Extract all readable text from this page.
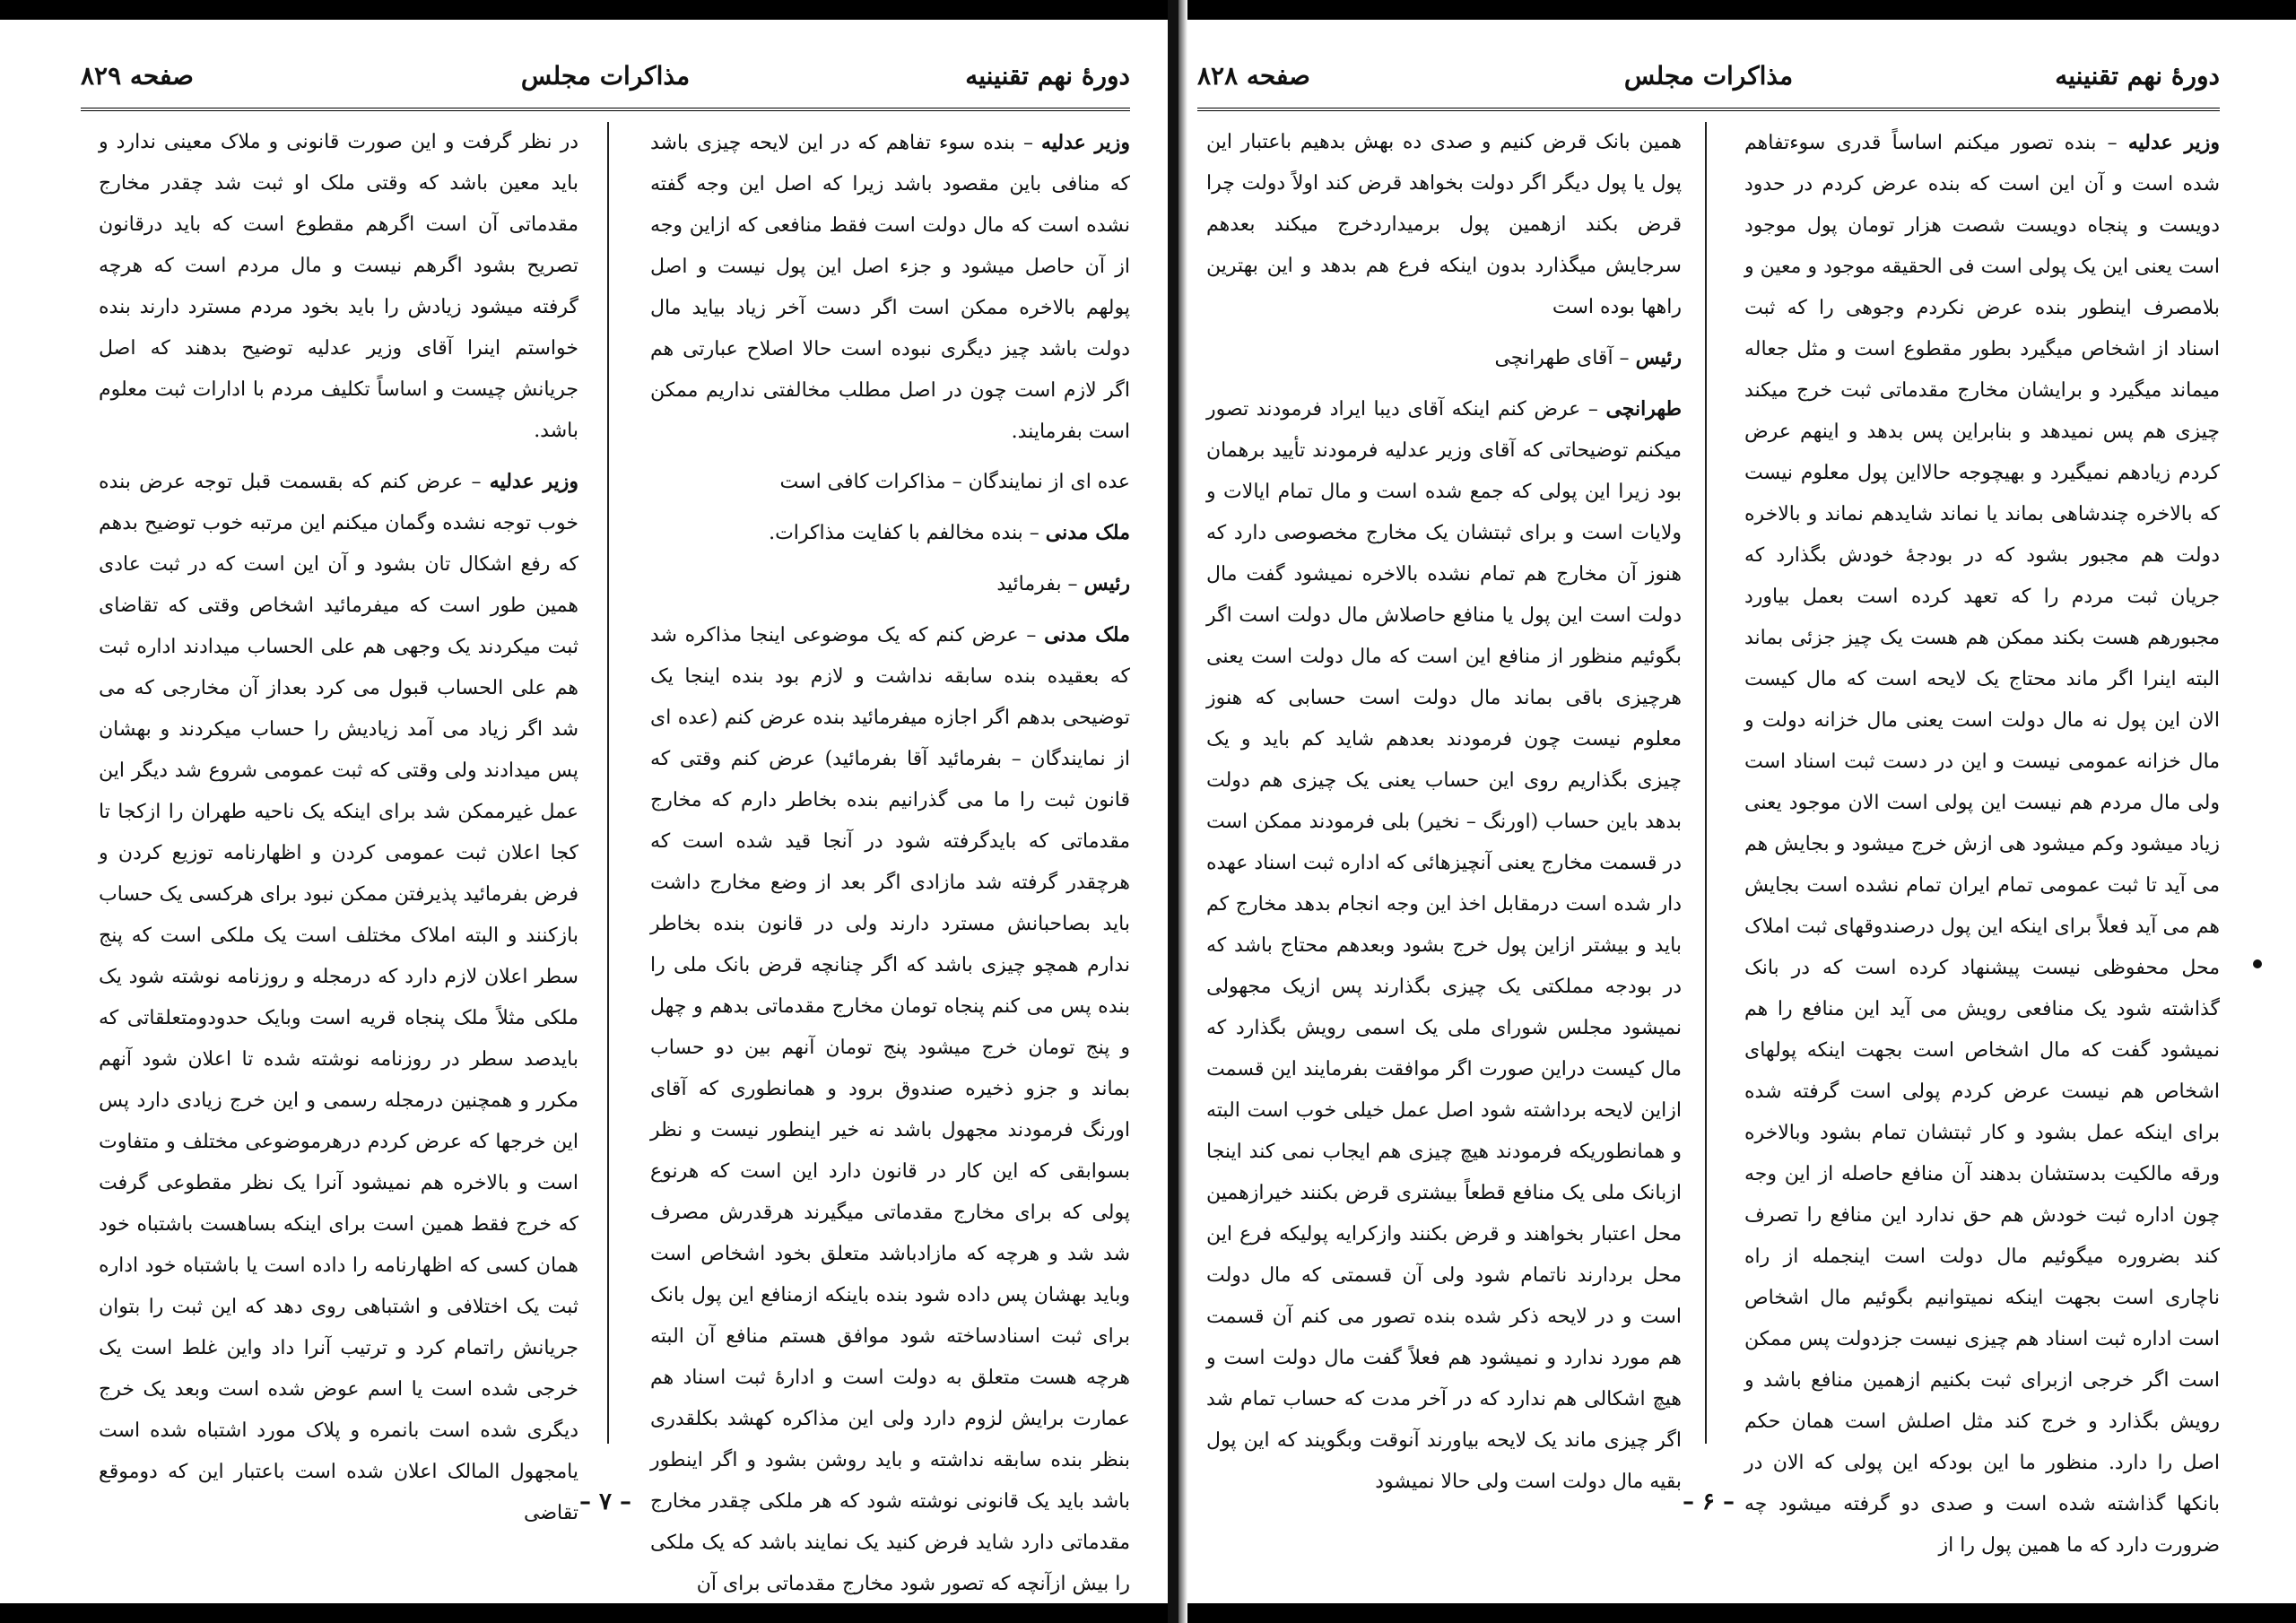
دورهٔ نهم تقنینیه
مذاکرات مجلس
صفحه ۸۲۹

وزیر عدلیه – بنده سوء تفاهم که در این لایحه چیزی باشد که منافی باین مقصود باشد زیرا که اصل این وجه گفته نشده است که مال دولت است فقط منافعی که ازاین وجه از آن حاصل میشود و جزء اصل این پول نیست و اصل پولهم بالاخره ممکن است اگر دست آخر زیاد بیاید مال دولت باشد چیز دیگری نبوده است حالا اصلاح عبارتی هم اگر لازم است چون در اصل مطلب مخالفتی نداریم ممکن است بفرمایند.

عده ای از نمایندگان – مذاکرات کافی است

ملک مدنی – بنده مخالفم با کفایت مذاکرات.

رئیس – بفرمائید

ملک مدنی – عرض کنم که یک موضوعی اینجا مذاکره شد که بعقیده بنده سابقه نداشت و لازم بود بنده اینجا یک توضیحی بدهم اگر اجازه میفرمائید بنده عرض کنم (عده ای از نمایندگان – بفرمائید آقا بفرمائید) عرض کنم وقتی که قانون ثبت را ما می گذرانیم بنده بخاطر دارم که مخارج مقدماتی که بایدگرفته شود در آنجا قید شده است که هرچقدر گرفته شد مازادی اگر بعد از وضع مخارج داشت باید بصاحبانش مسترد دارند ولی در قانون بنده بخاطر ندارم همچو چیزی باشد که اگر چنانچه قرض بانک ملی را بنده پس می کنم پنجاه تومان مخارج مقدماتی بدهم و چهل و پنج تومان خرج میشود پنج تومان آنهم بین دو حساب بماند و جزو ذخیره صندوق برود و همانطوری که آقای اورنگ فرمودند مجهول باشد نه خیر اینطور نیست و نظر بسوابقی که این کار در قانون دارد این است که هرنوع پولی که برای مخارج مقدماتی میگیرند هرقدرش مصرف شد شد و هرچه که مازادباشد متعلق بخود اشخاص است وباید بهشان پس داده شود بنده باینکه ازمنافع این پول بانک برای ثبت اسنادساخته شود موافق هستم منافع آن البته هرچه هست متعلق به دولت است و ادارهٔ ثبت اسناد هم عمارت برایش لزوم دارد ولی این مذاکره کهشد بکلقدری بنظر بنده سابقه نداشته و باید روشن بشود و اگر اینطور باشد باید یک قانونی نوشته شود که هر ملکی چقدر مخارج مقدماتی دارد شاید فرض کنید یک نمایند باشد که یک ملکی را بیش ازآنچه که تصور شود مخارج مقدماتی برای آن

در نظر گرفت و این صورت قانونی و ملاک معینی ندارد و باید معین باشد که وقتی ملک او ثبت شد چقدر مخارج مقدماتی آن است اگرهم مقطوع است که باید درقانون تصریح بشود اگرهم نیست و مال مردم است که هرچه گرفته میشود زیادش را باید بخود مردم مسترد دارند بنده خواستم اینرا آقای وزیر عدلیه توضیح بدهند که اصل جریانش چیست و اساساً تکلیف مردم با ادارات ثبت معلوم باشد.

وزیر عدلیه – عرض کنم که بقسمت قبل توجه عرض بنده خوب توجه نشده وگمان میکنم این مرتبه خوب توضیح بدهم که رفع اشکال تان بشود و آن این است که در ثبت عادی همین طور است که میفرمائید اشخاص وقتی که تقاضای ثبت میکردند یک وجهی هم علی الحساب میدادند اداره ثبت هم علی الحساب قبول می کرد بعداز آن مخارجی که می شد اگر زیاد می آمد زیادیش را حساب میکردند و بهشان پس میدادند ولی وقتی که ثبت عمومی شروع شد دیگر این عمل غیرممکن شد برای اینکه یک ناحیه طهران را ازکجا تا کجا اعلان ثبت عمومی کردن و اظهارنامه توزیع کردن و فرض بفرمائید پذیرفتن ممکن نبود برای هرکسی یک حساب بازکنند و البته املاک مختلف است یک ملکی است که پنج سطر اعلان لازم دارد که درمجله و روزنامه نوشته شود یک ملکی مثلاً ملک پنجاه قریه است وبایک حدودومتعلقاتی که بایدصد سطر در روزنامه نوشته شده تا اعلان شود آنهم مکرر و همچنین درمجله رسمی و این خرج زیادی دارد پس این خرجها که عرض کردم درهرموضوعی مختلف و متفاوت است و بالاخره هم نمیشود آنرا یک نظر مقطوعی گرفت که خرج فقط همین است برای اینکه بساهست باشتباه خود همان کسی که اظهارنامه را داده است یا باشتباه خود اداره ثبت یک اختلافی و اشتباهی روی دهد که این ثبت را بتوان جریانش راتمام کرد و ترتیب آنرا داد واین غلط است یک خرجی شده است یا اسم عوض شده است وبعد یک خرج دیگری شده است بانمره و پلاک مورد اشتباه شده است یامجهول المالک اعلان شده است باعتبار این که دوموقع تقاضی – ۷ –
دورهٔ نهم تقنینیه
مذاکرات مجلس
صفحه ۸۲۸

وزیر عدلیه – بنده تصور میکنم اساساً قدری سوءتفاهم شده است و آن این است که بنده عرض کردم در حدود دویست و پنجاه دویست شصت هزار تومان پول موجود است یعنی این یک پولی است فی الحقیقه موجود و معین و بلامصرف اینطور بنده عرض نکردم وجوهی را که ثبت اسناد از اشخاص میگیرد بطور مقطوع است و مثل جعاله میماند میگیرد و برایشان مخارج مقدماتی ثبت خرج میکند چیزی هم پس نمیدهد و بنابراین پس بدهد و اینهم عرض کردم زیادهم نمیگیرد و بهیچوجه حالااین پول معلوم نیست که بالاخره چندشاهی بماند یا نماند شایدهم نماند و بالاخره دولت هم مجبور بشود که در بودجهٔ خودش بگذارد که جریان ثبت مردم را که تعهد کرده است بعمل بیاورد مجبورهم هست بکند ممکن هم هست یک چیز جزئی بماند البته اینرا اگر ماند محتاج یک لایحه است که مال کیست الان این پول نه مال دولت است یعنی مال خزانه دولت و مال خزانه عمومی نیست و این در دست ثبت اسناد است ولی مال مردم هم نیست این پولی است الان موجود یعنی زیاد میشود وکم میشود هی ازش خرج میشود و بجایش هم می آید تا ثبت عمومی تمام ایران تمام نشده است بجایش هم می آید فعلاً برای اینکه این پول درصندوقهای ثبت املاک محل محفوظی نیست پیشنهاد کرده است که در بانک گذاشته شود یک منافعی رویش می آید این منافع را هم نمیشود گفت که مال اشخاص است بجهت اینکه پولهای اشخاص هم نیست عرض کردم پولی است گرفته شده برای اینکه عمل بشود و کار ثبتشان تمام بشود وبالاخره ورقه مالکیت بدستشان بدهند آن منافع حاصله از این وجه چون اداره ثبت خودش هم حق ندارد این منافع را تصرف کند بضروره میگوئیم مال دولت است اینجمله از راه ناچاری است بجهت اینکه نمیتوانیم بگوئیم مال اشخاص است اداره ثبت اسناد هم چیزی نیست جزدولت پس ممکن است اگر خرجی ازبرای ثبت بکنیم ازهمین منافع باشد و رویش بگذارد و خرج کند مثل اصلش است همان حکم اصل را دارد. منظور ما این بودکه این پولی که الان در بانکها گذاشته شده است و صدی دو گرفته میشود چه ضرورت دارد که ما همین پول را از

همین بانک قرض کنیم و صدی ده بهش بدهیم باعتبار این پول یا پول دیگر اگر دولت بخواهد قرض کند اولاً دولت چرا قرض بکند ازهمین پول برمیداردخرج میکند بعدهم سرجایش میگذارد بدون اینکه فرع هم بدهد و این بهترین راهها بوده است

رئیس – آقای طهرانچی

طهرانچی – عرض کنم اینکه آقای دیبا ایراد فرمودند تصور میکنم توضیحاتی که آقای وزیر عدلیه فرمودند تأیید برهمان بود زیرا این پولی که جمع شده است و مال تمام ایالات و ولایات است و برای ثبتشان یک مخارج مخصوصی دارد که هنوز آن مخارج هم تمام نشده بالاخره نمیشود گفت مال دولت است این پول یا منافع حاصلاش مال دولت است اگر بگوئیم منظور از منافع این است که مال دولت است یعنی هرچیزی باقی بماند مال دولت است حسابی که هنوز معلوم نیست چون فرمودند بعدهم شاید کم باید و یک چیزی بگذاریم روی این حساب یعنی یک چیزی هم دولت بدهد باین حساب (اورنگ – نخیر) بلی فرمودند ممکن است در قسمت مخارج یعنی آنچیزهائی که اداره ثبت اسناد عهده دار شده است درمقابل اخذ این وجه انجام بدهد مخارج کم باید و بیشتر ازاین پول خرج بشود وبعدهم محتاج باشد که در بودجه مملکتی یک چیزی بگذارند پس ازیک مجهولی نمیشود مجلس شورای ملی یک اسمی رویش بگذارد که مال کیست دراین صورت اگر موافقت بفرمایند این قسمت ازاین لایحه برداشته شود اصل عمل خیلی خوب است البته و همانطوریکه فرمودند هیچ چیزی هم ایجاب نمی کند اینجا ازبانک ملی یک منافع قطعاً بیشتری قرض بکنند خیرازهمین محل اعتبار بخواهند و قرض بکنند وازکرایه پولیکه فرع این محل بردارند ناتمام شود ولی آن قسمتی که مال دولت است و در لایحه ذکر شده بنده تصور می کنم آن قسمت هم مورد ندارد و نمیشود هم فعلاً گفت مال دولت است و هیچ اشکالی هم ندارد که در آخر مدت که حساب تمام شد اگر چیزی ماند یک لایحه بیاورند آنوقت وبگویند که این پول بقیه مال دولت است ولی حالا نمیشود

– ۶ –
